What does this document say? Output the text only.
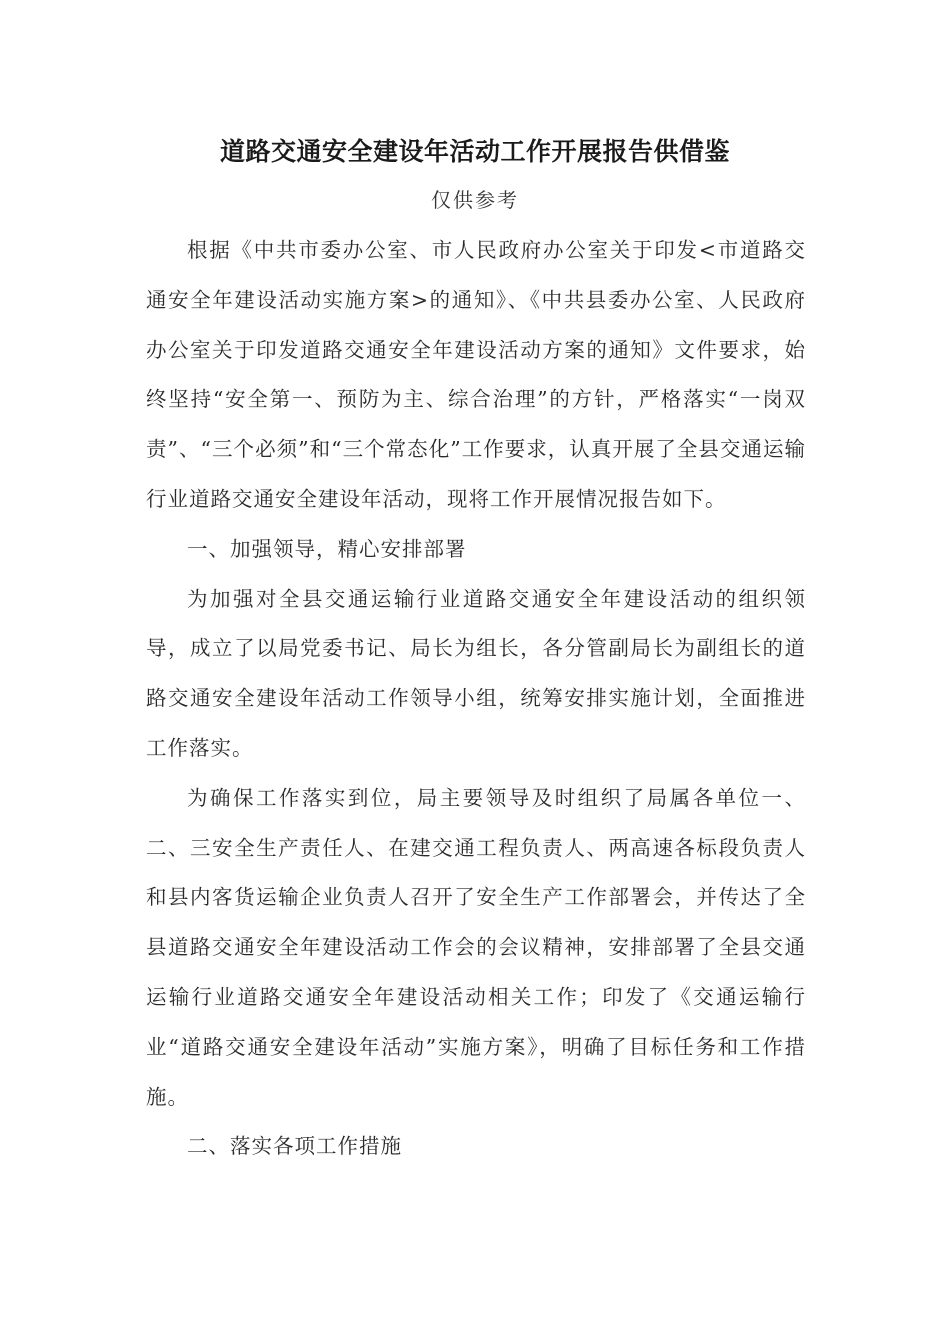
道路交通安全建设年活动工作开展报告供借鉴
仅供参考

根据《中共市委办公室、市人民政府办公室关于印发<市道路交通安全年建设活动实施方案>的通知》、《中共县委办公室、人民政府办公室关于印发道路交通安全年建设活动方案的通知》文件要求，始终坚持“安全第一、预防为主、综合治理”的方针，严格落实“一岗双责”、“三个必须”和“三个常态化”工作要求，认真开展了全县交通运输行业道路交通安全建设年活动，现将工作开展情况报告如下。

一、加强领导，精心安排部署

为加强对全县交通运输行业道路交通安全年建设活动的组织领导，成立了以局党委书记、局长为组长，各分管副局长为副组长的道路交通安全建设年活动工作领导小组，统筹安排实施计划，全面推进工作落实。

为确保工作落实到位，局主要领导及时组织了局属各单位一、二、三安全生产责任人、在建交通工程负责人、两高速各标段负责人和县内客货运输企业负责人召开了安全生产工作部署会，并传达了全县道路交通安全年建设活动工作会的会议精神，安排部署了全县交通运输行业道路交通安全年建设活动相关工作；印发了《交通运输行业“道路交通安全建设年活动”实施方案》，明确了目标任务和工作措施。

二、落实各项工作措施
